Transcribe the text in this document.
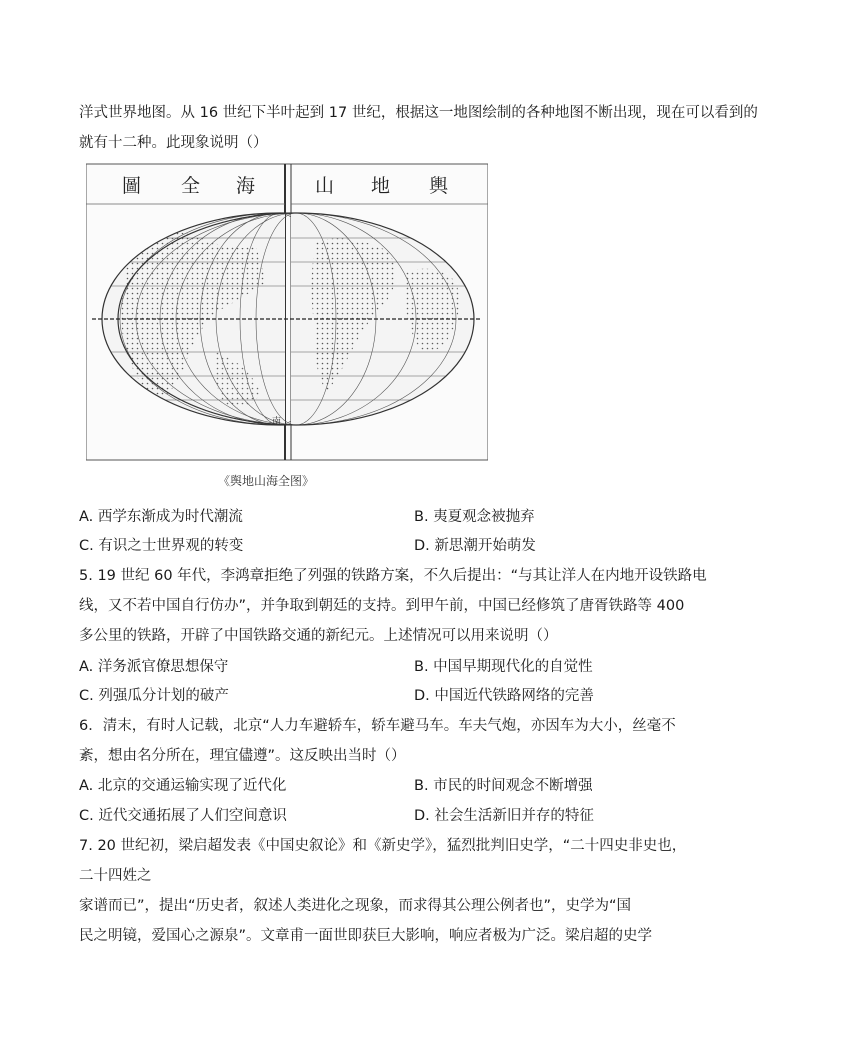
洋式世界地图。从 16 世纪下半叶起到 17 世纪，根据这一地图绘制的各种地图不断出现，现在可以看到的
就有十二种。此现象说明（）
圖 全 海	山 地 輿
南
《舆地山海全图》
A. 西学东渐成为时代潮流	B. 夷夏观念被抛弃
C. 有识之士世界观的转变	D. 新思潮开始萌发
5. 19 世纪 60 年代，李鸿章拒绝了列强的铁路方案，不久后提出：“与其让洋人在内地开设铁路电
线，又不若中国自行仿办”，并争取到朝廷的支持。到甲午前，中国已经修筑了唐胥铁路等 400
多公里的铁路，开辟了中国铁路交通的新纪元。上述情况可以用来说明（）
A. 洋务派官僚思想保守	B. 中国早期现代化的自觉性
C. 列强瓜分计划的破产	D. 中国近代铁路网络的完善
6．清末，有时人记载，北京“人力车避轿车，轿车避马车。车夫气炮，亦因车为大小，丝毫不
紊，想由名分所在，理宜儘遵”。这反映出当时（）
A. 北京的交通运输实现了近代化	B. 市民的时间观念不断增强
C. 近代交通拓展了人们空间意识	D. 社会生活新旧并存的特征
7. 20 世纪初，梁启超发表《中国史叙论》和《新史学》，猛烈批判旧史学，“二十四史非史也，
二十四姓之
家谱而已”，提出“历史者，叙述人类进化之现象，而求得其公理公例者也”，史学为“国
民之明镜，爱国心之源泉”。文章甫一面世即获巨大影响，响应者极为广泛。梁启超的史学
